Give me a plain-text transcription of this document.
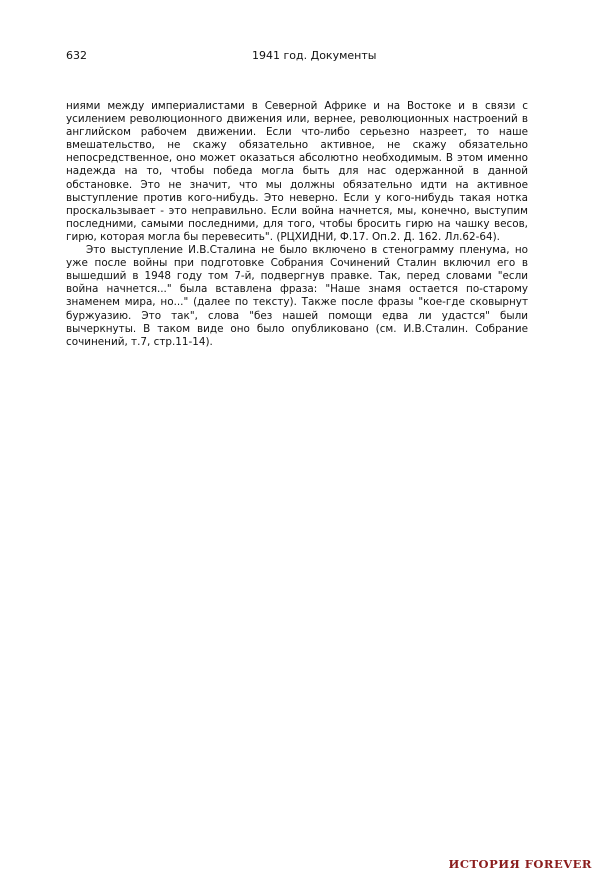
632	1941 год. Документы

ниями между империалистами в Северной Африке и на Востоке и в связи с усилением революционного движения или, вернее, революционных настроений в английском рабочем движении. Если что-либо серьезно назреет, то наше вмешательство, не скажу обязательно активное, не скажу обязательно непосредственное, оно может оказаться абсолютно необходимым. В этом именно надежда на то, чтобы победа могла быть для нас одержанной в данной обстановке. Это не значит, что мы должны обязательно идти на активное выступление против кого-нибудь. Это неверно. Если у кого-нибудь такая нотка проскальзывает - это неправильно. Если война начнется, мы, конечно, выступим последними, самыми последними, для того, чтобы бросить гирю на чашку весов, гирю, которая могла бы перевесить". (РЦХИДНИ, Ф.17. Оп.2. Д. 162. Лл.62-64).

Это выступление И.В.Сталина не было включено в стенограмму пленума, но уже после войны при подготовке Собрания Сочинений Сталин включил его в вышедший в 1948 году том 7-й, подвергнув правке. Так, перед словами "если война начнется..." была вставлена фраза: "Наше знамя остается по-старому знаменем мира, но..." (далее по тексту). Также после фразы "кое-где сковырнут буржуазию. Это так", слова "без нашей помощи едва ли удастся" были вычеркнуты. В таком виде оно было опубликовано (см. И.В.Сталин. Собрание сочинений, т.7, стр.11-14).

ИСТОРИЯ FOREVER
